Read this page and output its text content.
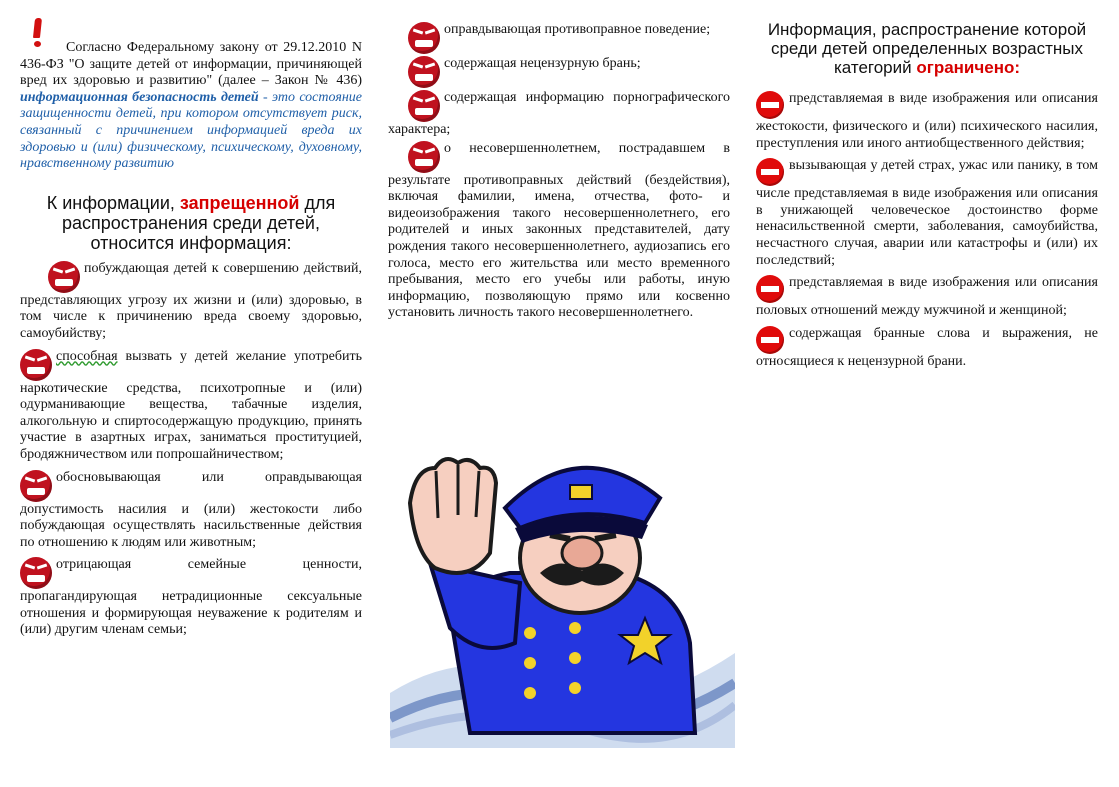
Согласно Федеральному закону от 29.12.2010 N 436-ФЗ "О защите детей от информации, причиняющей вред их здоровью и развитию" (далее – Закон № 436) информационная безопасность детей - это состояние защищенности детей, при котором отсутствует риск, связанный с причинением информацией вреда их здоровью и (или) физическому, психическому, духовному, нравственному развитию

К информации, запрещенной для распространения среди детей, относится информация:

побуждающая детей к совершению действий, представляющих угрозу их жизни и (или) здоровью, в том числе к причинению вреда своему здоровью, самоубийству;

способная вызвать у детей желание употребить наркотические средства, психотропные и (или) одурманивающие вещества, табачные изделия, алкогольную и спиртосодержащую продукцию, принять участие в азартных играх, заниматься проституцией, бродяжничеством или попрошайничеством;

обосновывающая или оправдывающая допустимость насилия и (или) жестокости либо побуждающая осуществлять насильственные действия по отношению к людям или животным;

отрицающая семейные ценности, пропагандирующая нетрадиционные сексуальные отношения и формирующая неуважение к родителям и (или) другим членам семьи;

оправдывающая противоправное поведение;

содержащая нецензурную брань;

содержащая информацию порнографического характера;

о несовершеннолетнем, пострадавшем в результате противоправных действий (бездействия), включая фамилии, имена, отчества, фото- и видеоизображения такого несовершеннолетнего, его родителей и иных законных представителей, дату рождения такого несовершеннолетнего, аудиозапись его голоса, место его жительства или место временного пребывания, место его учебы или работы, иную информацию, позволяющую прямо или косвенно установить личность такого несовершеннолетнего.

Информация, распространение которой среди детей определенных возрастных категорий ограничено:

представляемая в виде изображения или описания жестокости, физического и (или) психического насилия, преступления или иного антиобщественного действия;

вызывающая у детей страх, ужас или панику, в том числе представляемая в виде изображения или описания в унижающей человеческое достоинство форме ненасильственной смерти, заболевания, самоубийства, несчастного случая, аварии или катастрофы и (или) их последствий;

представляемая в виде изображения или описания половых отношений между мужчиной и женщиной;

содержащая бранные слова и выражения, не относящиеся к нецензурной брани.
